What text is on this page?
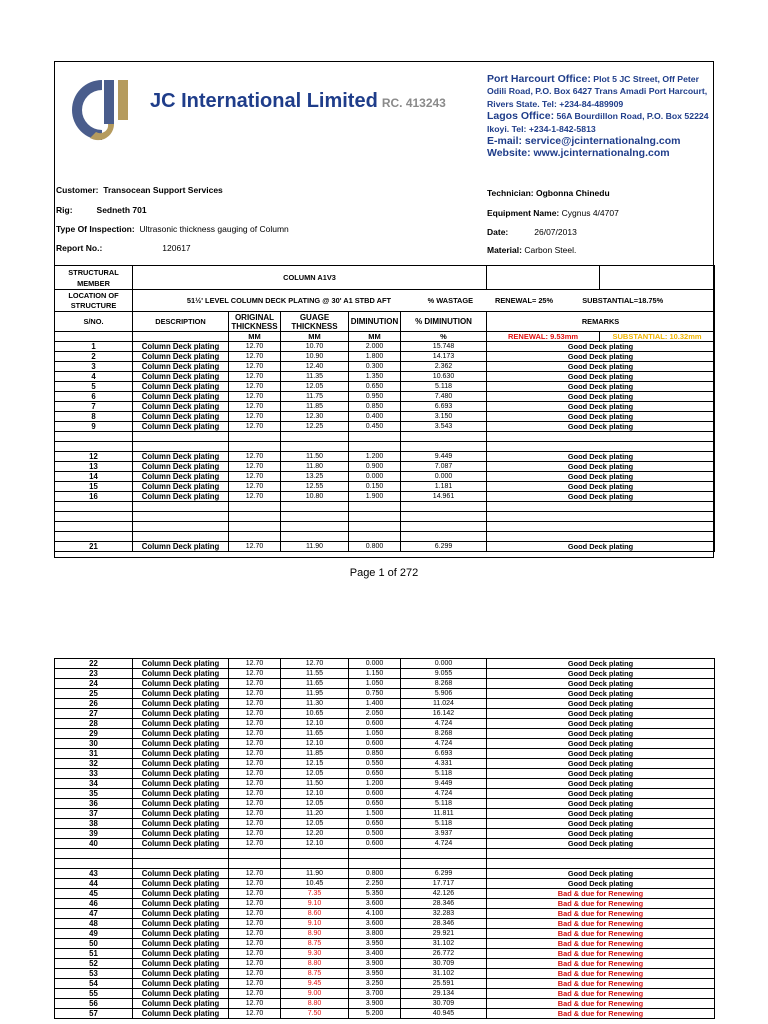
JC International Limited RC. 413243
Port Harcourt Office: Plot 5 JC Street, Off Peter Odili Road, P.O. Box 6427 Trans Amadi Port Harcourt, Rivers State. Tel: +234-84-489909
Lagos Office: 56A Bourdillon Road, P.O. Box 52224 Ikoyi. Tel: +234-1-842-5813
E-mail: service@jcinternationalng.com
Website: www.jcinternationalng.com
Customer: Transocean Support Services
Rig:	Sedneth 701
Type Of Inspection: Ultrasonic thickness gauging of Column
Report No.:	120617
Technician: Ogbonna Chinedu
Equipment Name: Cygnus 4/4707
Date:	26/07/2013
Material: Carbon Steel.
STRUCTURAL MEMBER	COLUMN A1V3						
LOCATION OF STRUCTURE	51½' LEVEL COLUMN DECK PLATING @ 30' A1 STBD AFT % WASTAGE RENEWAL= 25% SUBSTANTIAL=18.75%						
S/NO.	DESCRIPTION	ORIGINAL THICKNESS	GUAGE THICKNESS	DIMINUTION	% DIMINUTION	REMARKS	
		MM	MM	MM	%	RENEWAL: 9.53mm	SUBSTANTIAL: 10.32mm
1	Column Deck plating	12.70	10.70	2.000	15.748	Good Deck plating	
2	Column Deck plating	12.70	10.90	1.800	14.173	Good Deck plating	
3	Column Deck plating	12.70	12.40	0.300	2.362	Good Deck plating	
4	Column Deck plating	12.70	11.35	1.350	10.630	Good Deck plating	
5	Column Deck plating	12.70	12.05	0.650	5.118	Good Deck plating	
6	Column Deck plating	12.70	11.75	0.950	7.480	Good Deck plating	
7	Column Deck plating	12.70	11.85	0.850	6.693	Good Deck plating	
8	Column Deck plating	12.70	12.30	0.400	3.150	Good Deck plating	
9	Column Deck plating	12.70	12.25	0.450	3.543	Good Deck plating	

12	Column Deck plating	12.70	11.50	1.200	9.449	Good Deck plating	
13	Column Deck plating	12.70	11.80	0.900	7.087	Good Deck plating	
14	Column Deck plating	12.70	13.25	0.000	0.000	Good Deck plating	
15	Column Deck plating	12.70	12.55	0.150	1.181	Good Deck plating	
16	Column Deck plating	12.70	10.80	1.900	14.961	Good Deck plating	

21	Column Deck plating	12.70	11.90	0.800	6.299	Good Deck plating	
Page 1 of 272
22	Column Deck plating	12.70	12.70	0.000	0.000	Good Deck plating
23	Column Deck plating	12.70	11.55	1.150	9.055	Good Deck plating
24	Column Deck plating	12.70	11.65	1.050	8.268	Good Deck plating
25	Column Deck plating	12.70	11.95	0.750	5.906	Good Deck plating
26	Column Deck plating	12.70	11.30	1.400	11.024	Good Deck plating
27	Column Deck plating	12.70	10.65	2.050	16.142	Good Deck plating
28	Column Deck plating	12.70	12.10	0.600	4.724	Good Deck plating
29	Column Deck plating	12.70	11.65	1.050	8.268	Good Deck plating
30	Column Deck plating	12.70	12.10	0.600	4.724	Good Deck plating
31	Column Deck plating	12.70	11.85	0.850	6.693	Good Deck plating
32	Column Deck plating	12.70	12.15	0.550	4.331	Good Deck plating
33	Column Deck plating	12.70	12.05	0.650	5.118	Good Deck plating
34	Column Deck plating	12.70	11.50	1.200	9.449	Good Deck plating
35	Column Deck plating	12.70	12.10	0.600	4.724	Good Deck plating
36	Column Deck plating	12.70	12.05	0.650	5.118	Good Deck plating
37	Column Deck plating	12.70	11.20	1.500	11.811	Good Deck plating
38	Column Deck plating	12.70	12.05	0.650	5.118	Good Deck plating
39	Column Deck plating	12.70	12.20	0.500	3.937	Good Deck plating
40	Column Deck plating	12.70	12.10	0.600	4.724	Good Deck plating

43	Column Deck plating	12.70	11.90	0.800	6.299	Good Deck plating
44	Column Deck plating	12.70	10.45	2.250	17.717	Good Deck plating
45	Column Deck plating	12.70	7.35	5.350	42.126	Bad & due for Renewing
46	Column Deck plating	12.70	9.10	3.600	28.346	Bad & due for Renewing
47	Column Deck plating	12.70	8.60	4.100	32.283	Bad & due for Renewing
48	Column Deck plating	12.70	9.10	3.600	28.346	Bad & due for Renewing
49	Column Deck plating	12.70	8.90	3.800	29.921	Bad & due for Renewing
50	Column Deck plating	12.70	8.75	3.950	31.102	Bad & due for Renewing
51	Column Deck plating	12.70	9.30	3.400	26.772	Bad & due for Renewing
52	Column Deck plating	12.70	8.80	3.900	30.709	Bad & due for Renewing
53	Column Deck plating	12.70	8.75	3.950	31.102	Bad & due for Renewing
54	Column Deck plating	12.70	9.45	3.250	25.591	Bad & due for Renewing
55	Column Deck plating	12.70	9.00	3.700	29.134	Bad & due for Renewing
56	Column Deck plating	12.70	8.80	3.900	30.709	Bad & due for Renewing
57	Column Deck plating	12.70	7.50	5.200	40.945	Bad & due for Renewing
